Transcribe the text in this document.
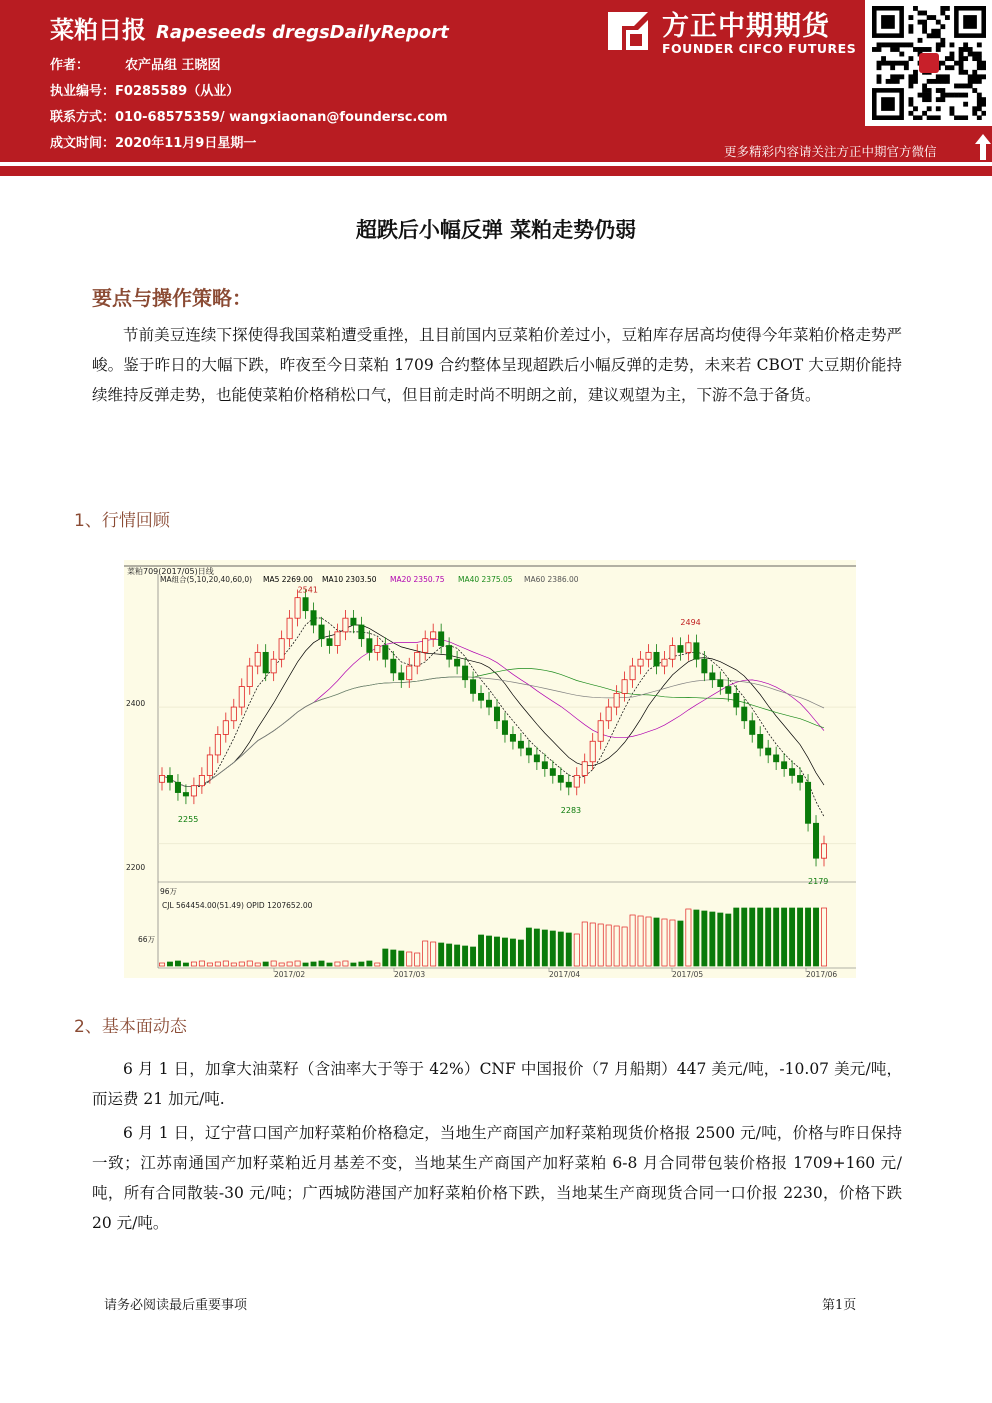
菜粕日报 Rapeseeds dregsDailyReport
作者：	农产品组 王晓囡
执业编号：F0285589（从业）
联系方式：010-68575359/ wangxiaonan@foundersc.com
成文时间：2020年11月9日星期一
方正中期期货
FOUNDER CIFCO FUTURES
更多精彩内容请关注方正中期官方微信
超跌后小幅反弹 菜粕走势仍弱
要点与操作策略：
节前美豆连续下探使得我国菜粕遭受重挫，且目前国内豆菜粕价差过小，豆粕库存居高均使得今年菜粕价格走势严峻。鉴于昨日的大幅下跌，昨夜至今日菜粕 1709 合约整体呈现超跌后小幅反弹的走势，未来若 CBOT 大豆期价能持续维持反弹走势，也能使菜粕价格稍松口气，但目前走时尚不明朗之前，建议观望为主，下游不急于备货。
1、行情回顾
菜粕709(2017/05)日线
MA组合(5,10,20,40,60,0) MA5 2269.00 MA10 2303.50 MA20 2350.75 MA40 2375.05 MA60 2386.00
2541
2494
2283
2255
2179
2400
2200
96万
CJL 564454.00(51.49) OPID 1207652.00
66万
2017/02	2017/03	2017/04	2017/05	2017/06
2、基本面动态
6 月 1 日，加拿大油菜籽（含油率大于等于 42%）CNF 中国报价（7 月船期）447 美元/吨，-10.07 美元/吨，而运费 21 加元/吨.
6 月 1 日，辽宁营口国产加籽菜粕价格稳定，当地生产商国产加籽菜粕现货价格报 2500 元/吨，价格与昨日保持一致；江苏南通国产加籽菜粕近月基差不变，当地某生产商国产加籽菜粕 6-8 月合同带包装价格报 1709+160 元/吨，所有合同散装-30 元/吨；广西城防港国产加籽菜粕价格下跌，当地某生产商现货合同一口价报 2230，价格下跌 20 元/吨。
请务必阅读最后重要事项	第1页
